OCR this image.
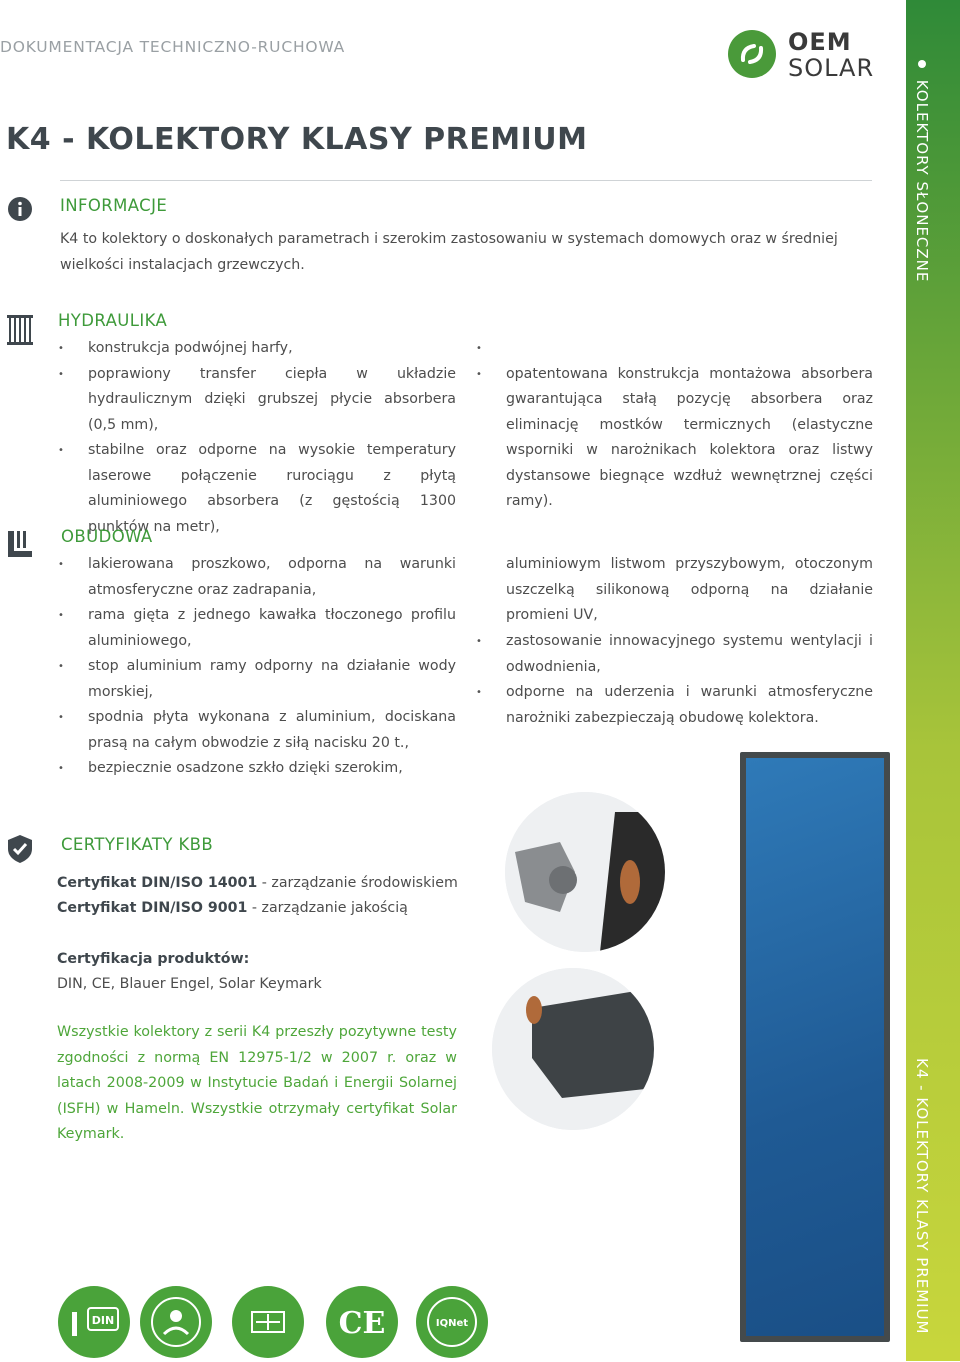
DOKUMENTACJA TECHNICZNO-RUCHOWA	OEM
SOLAR
KOLEKTORY SŁONECZNE
K4 - KOLEKTORY KLASY PREMIUM
K4 - KOLEKTORY KLASY PREMIUM
INFORMACJE
K4 to kolektory o doskonałych parametrach i szerokim zastosowaniu w systemach domowych oraz w średniej wielkości instalacjach grzewczych.
HYDRAULIKA
• konstrukcja podwójnej harfy,
• poprawiony transfer ciepła w układzie hydraulicznym dzięki grubszej płycie absorbera (0,5 mm),
• stabilne oraz odporne na wysokie temperatury laserowe połączenie rurociągu z płytą aluminiowego absorbera (z gęstością 1300 punktów na metr),
•
• opatentowana konstrukcja montażowa absorbera gwarantująca stałą pozycję absorbera oraz eliminację mostków termicznych (elastyczne wsporniki w narożnikach kolektora oraz listwy dystansowe biegnące wzdłuż wewnętrznej części ramy).
OBUDOWA
• lakierowana proszkowo, odporna na warunki atmosferyczne oraz zadrapania,
• rama gięta z jednego kawałka tłoczonego profilu aluminiowego,
• stop aluminium ramy odporny na działanie wody morskiej,
• spodnia płyta wykonana z aluminium, dociskana prasą na całym obwodzie z siłą nacisku 20 t.,
• bezpiecznie osadzone szkło dzięki szerokim,
aluminiowym listwom przyszybowym, otoczonym uszczelką silikonową odporną na działanie promieni UV,
• zastosowanie innowacyjnego systemu wentylacji i odwodnienia,
• odporne na uderzenia i warunki atmosferyczne narożniki zabezpieczają obudowę kolektora.
CERTYFIKATY KBB
Certyfikat DIN/ISO 14001 - zarządzanie środowiskiem
Certyfikat DIN/ISO 9001 - zarządzanie jakością
Certyfikacja produktów:
DIN, CE, Blauer Engel, Solar Keymark
Wszystkie kolektory z serii K4 przeszły pozytywne testy zgodności z normą EN 12975-1/2 w 2007 r. oraz w latach 2008-2009 w Instytucie Badań i Energii Solarnej (ISFH) w Hameln. Wszystkie otrzymały certyfikat Solar Keymark.
DIN	CE	IQNet
